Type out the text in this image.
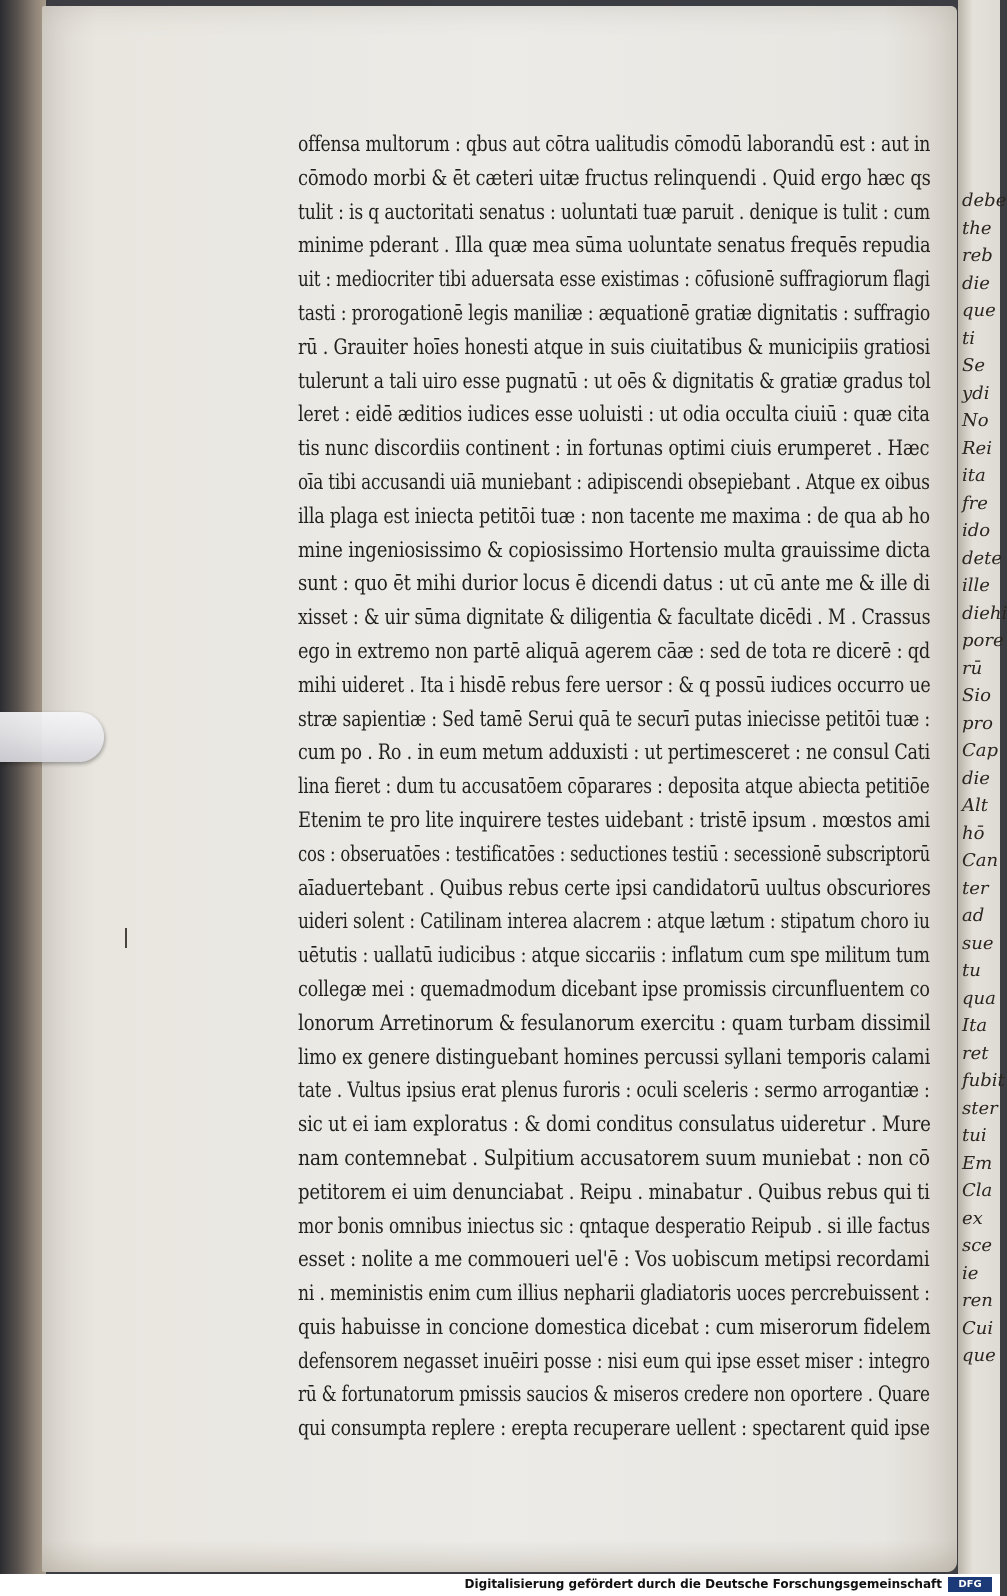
debe
the
reb
die
que
ti
Se
ydi
No
Rei
ita
fre
ido
dete
ille
diehi
pore
rū
Sio
pro
Cap
die
Alt
hō
Can
ter
ad
sue
tu
qua
Ita
ret
fubit
ster
tui
Em
Cla
ex
sce
ie
ren
Cui
que
offensa multorum : qbus aut cōtra ualitudis cōmodū laborandū est : aut in
cōmodo morbi & ēt cæteri uitæ fructus relinquendi . Quid ergo hæc qs
tulit : is q auctoritati senatus : uoluntati tuæ paruit . denique is tulit : cum
minime pderant . Illa quæ mea sūma uoluntate senatus frequēs repudia
uit : mediocriter tibi aduersata esse existimas : cōfusionē suffragiorum flagi
tasti : prorogationē legis maniliæ : æquationē gratiæ dignitatis : suffragio
rū . Grauiter hoīes honesti atque in suis ciuitatibus & municipiis gratiosi
tulerunt a tali uiro esse pugnatū : ut oēs & dignitatis & gratiæ gradus tol
leret : eidē æditios iudices esse uoluisti : ut odia occulta ciuiū : quæ cita
tis nunc discordiis continent : in fortunas optimi ciuis erumperet . Hæc
oīa tibi accusandi uiā muniebant : adipiscendi obsepiebant . Atque ex oibus
illa plaga est iniecta petitōi tuæ : non tacente me maxima : de qua ab ho
mine ingeniosissimo & copiosissimo Hortensio multa grauissime dicta
sunt : quo ēt mihi durior locus ē dicendi datus : ut cū ante me & ille di
xisset : & uir sūma dignitate & diligentia & facultate dicēdi . M . Crassus
ego in extremo non partē aliquā agerem cāæ : sed de tota re dicerē : qd
mihi uideret . Ita i hisdē rebus fere uersor : & q possū iudices occurro ue
stræ sapientiæ : Sed tamē Serui quā te securī putas iniecisse petitōi tuæ :
cum po . Ro . in eum metum adduxisti : ut pertimesceret : ne consul Cati
lina fieret : dum tu accusatōem cōparares : deposita atque abiecta petitiōe
Etenim te pro lite inquirere testes uidebant : tristē ipsum . mœstos ami
cos : obseruatōes : testificatōes : seductiones testiū : secessionē subscriptorū
aīaduertebant . Quibus rebus certe ipsi candidatorū uultus obscuriores
uideri solent : Catilinam interea alacrem : atque lætum : stipatum choro iu
uētutis : uallatū iudicibus : atque siccariis : inflatum cum spe militum tum
collegæ mei : quemadmodum dicebant ipse promissis circunfluentem co
lonorum Arretinorum & fesulanorum exercitu : quam turbam dissimil
limo ex genere distinguebant homines percussi syllani temporis calami
tate . Vultus ipsius erat plenus furoris : oculi sceleris : sermo arrogantiæ :
sic ut ei iam exploratus : & domi conditus consulatus uideretur . Mure
nam contemnebat . Sulpitium accusatorem suum muniebat : non cō
petitorem ei uim denunciabat . Reipu . minabatur . Quibus rebus qui ti
mor bonis omnibus iniectus sic : qntaque desperatio Reipub . si ille factus
esset : nolite a me commoueri uel'ē : Vos uobiscum metipsi recordami
ni . meministis enim cum illius nepharii gladiatoris uoces percrebuissent :
quis habuisse in concione domestica dicebat : cum miserorum fidelem
defensorem negasset inuēiri posse : nisi eum qui ipse esset miser : integro
rū & fortunatorum pmissis saucios & miseros credere non oportere . Quare
qui consumpta replere : erepta recuperare uellent : spectarent quid ipse
Digitalisierung gefördert durch die Deutsche Forschungsgemeinschaft	DFG
